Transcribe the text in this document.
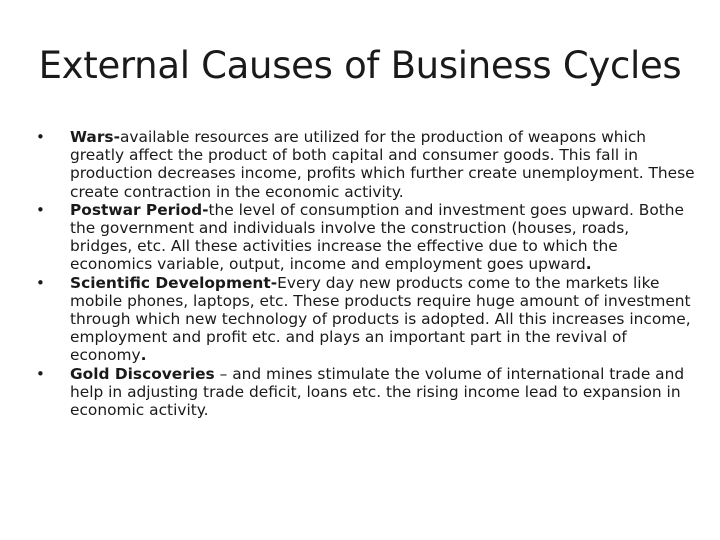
External Causes of Business Cycles
•	Wars-available resources are utilized for the production of weapons which greatly affect the product of both capital and consumer goods. This fall in production decreases income, profits which further create unemployment. These create contraction in the economic activity.
•	Postwar Period-the level of consumption and investment goes upward. Bothe the government and individuals involve the construction (houses, roads, bridges, etc. All these activities increase the effective due to which the economics variable, output, income and employment goes upward.
•	Scientific Development-Every day new products come to the markets like mobile phones, laptops, etc. These products require huge amount of investment through which new technology of products is adopted. All this increases income, employment and profit etc. and plays an important part in the revival of economy.
•	Gold Discoveries – and mines stimulate the volume of international trade and help in adjusting trade deficit, loans etc. the rising income lead to expansion in economic activity.
